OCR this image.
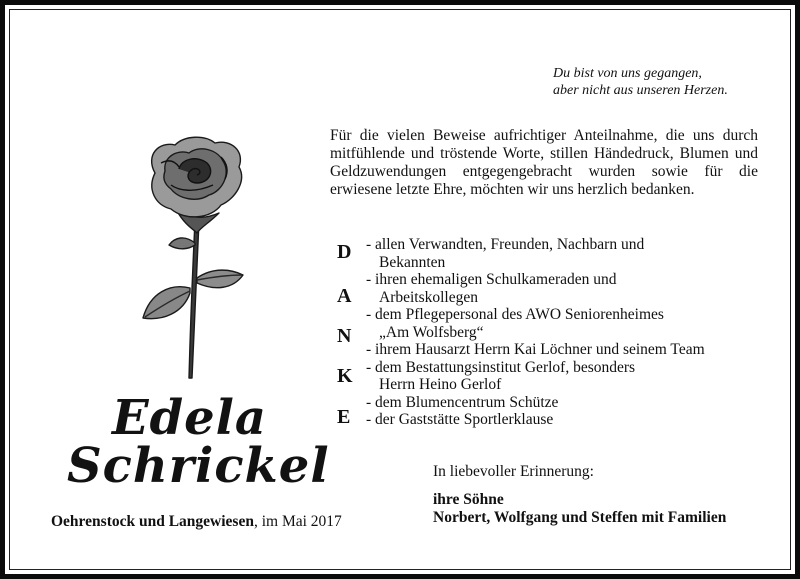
Du bist von uns gegangen,
aber nicht aus unseren Herzen.

Für die vielen Beweise aufrichtiger Anteilnahme, die uns durch mitfühlende und tröstende Worte, stillen Händedruck, Blumen und Geldzuwendungen entgegengebracht wurden sowie für die erwiesene letzte Ehre, möchten wir uns herzlich bedanken.

Edela
Schrickel
D
A
N
K
E
- allen Verwandten, Freunden, Nachbarn und
Bekannten
- ihren ehemaligen Schulkameraden und
Arbeitskollegen
- dem Pflegepersonal des AWO Seniorenheimes
„Am Wolfsberg“
- ihrem Hausarzt Herrn Kai Löchner und seinem Team
- dem Bestattungsinstitut Gerlof, besonders
Herrn Heino Gerlof
- dem Blumencentrum Schütze
- der Gaststätte Sportlerklause
In liebevoller Erinnerung:
ihre Söhne
Norbert, Wolfgang und Steffen mit Familien
Oehrenstock und Langewiesen, im Mai 2017
